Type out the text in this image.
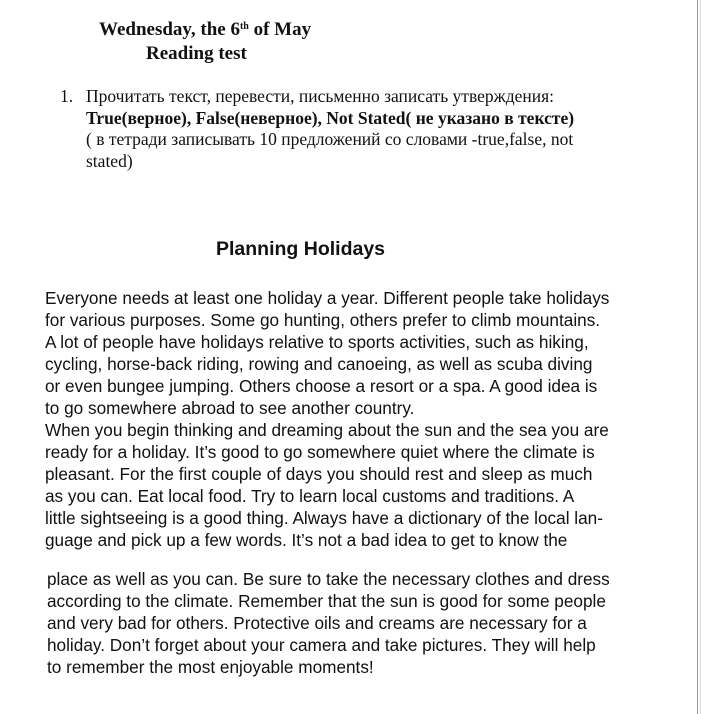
Wednesday, the 6th of May
Reading test
1. Прочитать текст, перевести, письменно записать утверждения:
True(верное), False(неверное), Not Stated( не указано в тексте)
( в тетради записывать 10 предложений со словами -true,false, not
stated)
Planning Holidays
Everyone needs at least one holiday a year. Different people take holidays
for various purposes. Some go hunting, others prefer to climb mountains.
A lot of people have holidays relative to sports activities, such as hiking,
cycling, horse-back riding, rowing and canoeing, as well as scuba diving
or even bungee jumping. Others choose a resort or a spa. A good idea is
to go somewhere abroad to see another country.
When you begin thinking and dreaming about the sun and the sea you are
ready for a holiday. It’s good to go somewhere quiet where the climate is
pleasant. For the first couple of days you should rest and sleep as much
as you can. Eat local food. Try to learn local customs and traditions. A
little sightseeing is a good thing. Always have a dictionary of the local lan-
guage and pick up a few words. It’s not a bad idea to get to know the
place as well as you can. Be sure to take the necessary clothes and dress
according to the climate. Remember that the sun is good for some people
and very bad for others. Protective oils and creams are necessary for a
holiday. Don’t forget about your camera and take pictures. They will help
to remember the most enjoyable moments!
